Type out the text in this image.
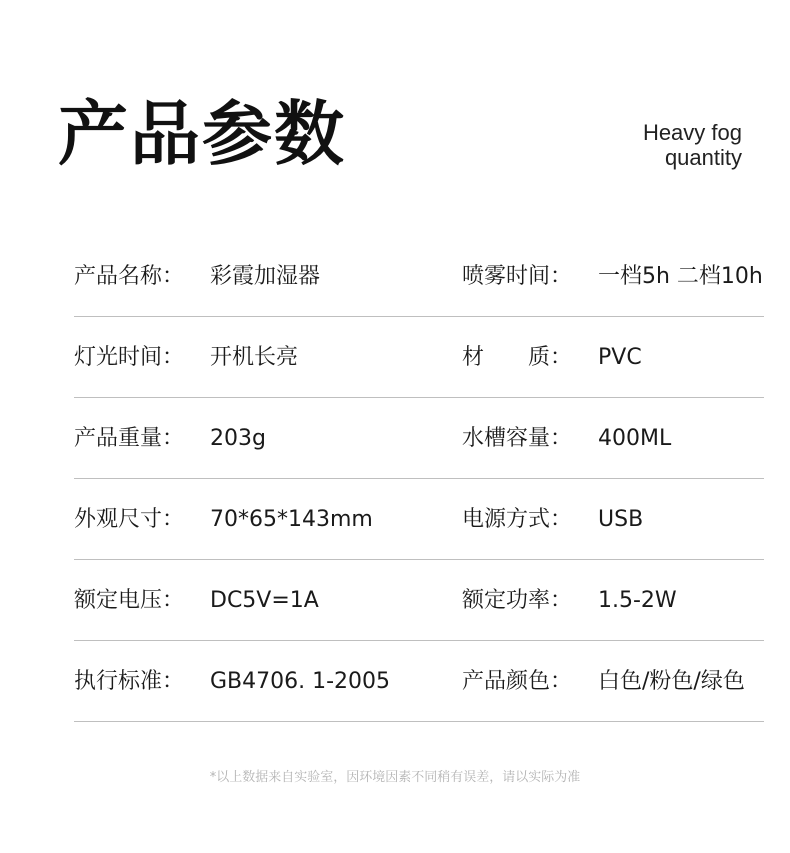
产品参数	Heavy fog
quantity
产品名称： 彩霞加湿器	喷雾时间： 一档5h 二档10h
灯光时间： 开机长亮	材　　质： PVC
产品重量： 203g	水槽容量： 400ML
外观尺寸： 70*65*143mm	电源方式： USB
额定电压： DC5V=1A	额定功率： 1.5-2W
执行标准： GB4706. 1-2005	产品颜色： 白色/粉色/绿色
*以上数据来自实验室，因环境因素不同稍有误差，请以实际为准
